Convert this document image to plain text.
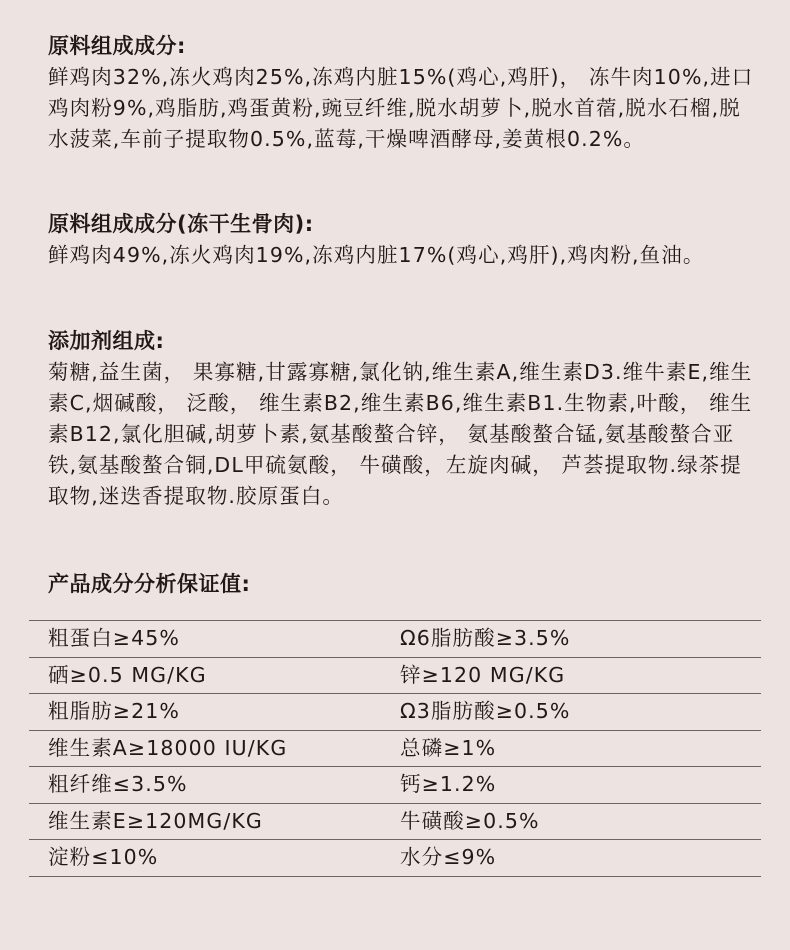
原料组成成分:

鲜鸡肉32%,冻火鸡肉25%,冻鸡内脏15%(鸡心,鸡肝)， 冻牛肉10%,进口鸡肉粉9%,鸡脂肪,鸡蛋黄粉,豌豆纤维,脱水胡萝卜,脱水首蓿,脱水石榴,脱水菠菜,车前子提取物0.5%,蓝莓,干燥啤酒酵母,姜黄根0.2%。

原料组成成分(冻干生骨肉):

鲜鸡肉49%,冻火鸡肉19%,冻鸡内脏17%(鸡心,鸡肝),鸡肉粉,鱼油。

添加剂组成:

菊糖,益生菌， 果寡糖,甘露寡糖,氯化钠,维生素A,维生素D3.维牛素E,维生素C,烟碱酸， 泛酸， 维生素B2,维生素B6,维生素B1.生物素,叶酸， 维生素B12,氯化胆碱,胡萝卜素,氨基酸螯合锌， 氨基酸螯合锰,氨基酸螯合亚铁,氨基酸螯合铜,DL甲硫氨酸， 牛磺酸，左旋肉碱， 芦荟提取物.绿茶提取物,迷迭香提取物.胶原蛋白。

产品成分分析保证值:

粗蛋白≥45%	Ω6脂肪酸≥3.5%
硒≥0.5 MG/KG	锌≥120 MG/KG
粗脂肪≥21%	Ω3脂肪酸≥0.5%
维生素A≥18000 IU/KG	总磷≥1%
粗纤维≤3.5%	钙≥1.2%
维生素E≥120MG/KG	牛磺酸≥0.5%
淀粉≤10%	水分≤9%
